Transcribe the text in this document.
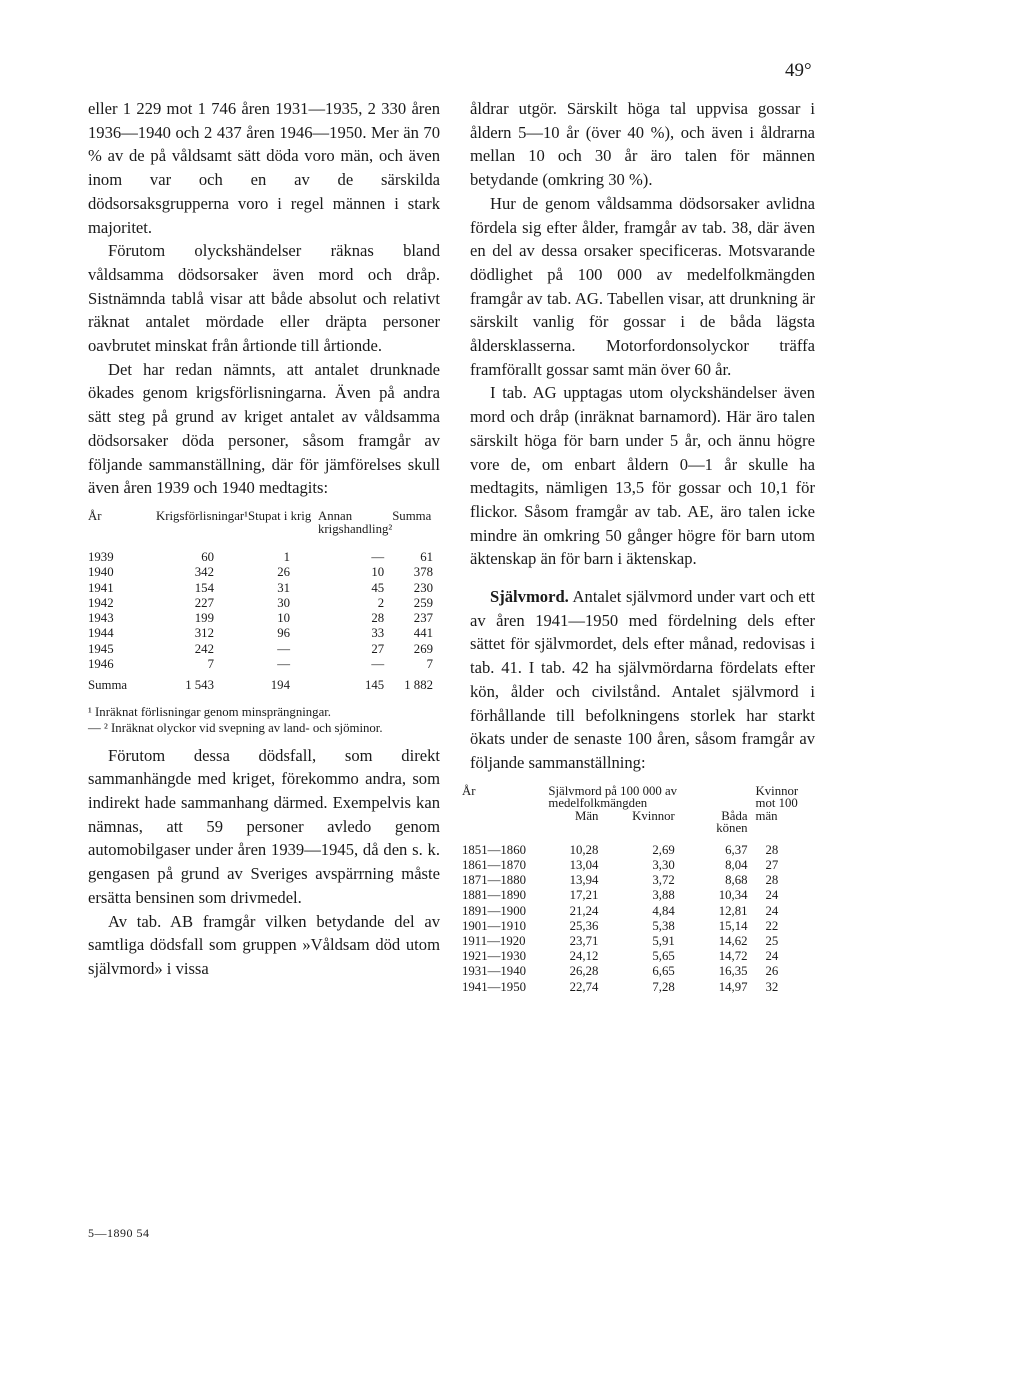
49°

eller 1 229 mot 1 746 åren 1931—1935, 2 330 åren 1936—1940 och 2 437 åren 1946—1950. Mer än 70 % av de på våldsamt sätt döda voro män, och även inom var och en av de särskilda dödsorsaksgrupperna voro i regel männen i stark majoritet.

Förutom olyckshändelser räknas bland våldsamma dödsorsaker även mord och dråp. Sistnämnda tablå visar att både absolut och relativt räknat antalet mördade eller dräpta personer oavbrutet minskat från årtionde till årtionde.

Det har redan nämnts, att antalet drunknade ökades genom krigsförlisningarna. Även på andra sätt steg på grund av kriget antalet av våldsamma dödsorsaker döda personer, såsom framgår av följande sammanställning, där för jämförelses skull även åren 1939 och 1940 medtagits:

År	Krigsförlisningar¹	Stupat i krig	Annan krigshandling²	Summa

1939	60	1	—	61
1940	342	26	10	378
1941	154	31	45	230
1942	227	30	2	259
1943	199	10	28	237
1944	312	96	33	441
1945	242	—	27	269
1946	7	—	—	7
Summa	1 543	194	145	1 882

¹ Inräknat förlisningar genom minsprängningar.

— ² Inräknat olyckor vid svepning av land- och sjöminor.

Förutom dessa dödsfall, som direkt sammanhängde med kriget, förekommo andra, som indirekt hade sammanhang därmed. Exempelvis kan nämnas, att 59 personer avledo genom automobilgaser under åren 1939—1945, då den s. k. gengasen på grund av Sveriges avspärrning måste ersätta bensinen som drivmedel.

Av tab. AB framgår vilken betydande del av samtliga dödsfall som gruppen »Våldsam död utom självmord» i vissa

åldrar utgör. Särskilt höga tal uppvisa gossar i åldern 5—10 år (över 40 %), och även i åldrarna mellan 10 och 30 år äro talen för männen betydande (omkring 30 %).

Hur de genom våldsamma dödsorsaker avlidna fördela sig efter ålder, framgår av tab. 38, där även en del av dessa orsaker specificeras. Motsvarande dödlighet på 100 000 av medelfolkmängden framgår av tab. AG. Tabellen visar, att drunkning är särskilt vanlig för gossar i de båda lägsta åldersklasserna. Motorfordonsolyckor träffa framförallt gossar samt män över 60 år.

I tab. AG upptagas utom olyckshändelser även mord och dråp (inräknat barnamord). Här äro talen särskilt höga för barn under 5 år, och ännu högre vore de, om enbart åldern 0—1 år skulle ha medtagits, nämligen 13,5 för gossar och 10,1 för flickor. Såsom framgår av tab. AE, äro talen icke mindre än omkring 50 gånger högre för barn utom äktenskap än för barn i äktenskap.

Självmord. Antalet självmord under vart och ett av åren 1941—1950 med fördelning dels efter sättet för självmordet, dels efter månad, redovisas i tab. 41. I tab. 42 ha självmördarna fördelats efter kön, ålder och civilstånd. Antalet självmord i förhållande till befolkningens storlek har starkt ökats under de senaste 100 åren, såsom framgår av följande sammanställning:

År	Självmord på 100 000 av medelfolkmängden			Kvinnor mot 100 män
	Män	Kvinnor	Båda könen	

1851—1860	10,28	2,69	6,37	28
1861—1870	13,04	3,30	8,04	27
1871—1880	13,94	3,72	8,68	28
1881—1890	17,21	3,88	10,34	24
1891—1900	21,24	4,84	12,81	24
1901—1910	25,36	5,38	15,14	22
1911—1920	23,71	5,91	14,62	25
1921—1930	24,12	5,65	14,72	24
1931—1940	26,28	6,65	16,35	26
1941—1950	22,74	7,28	14,97	32
5—1890 54
